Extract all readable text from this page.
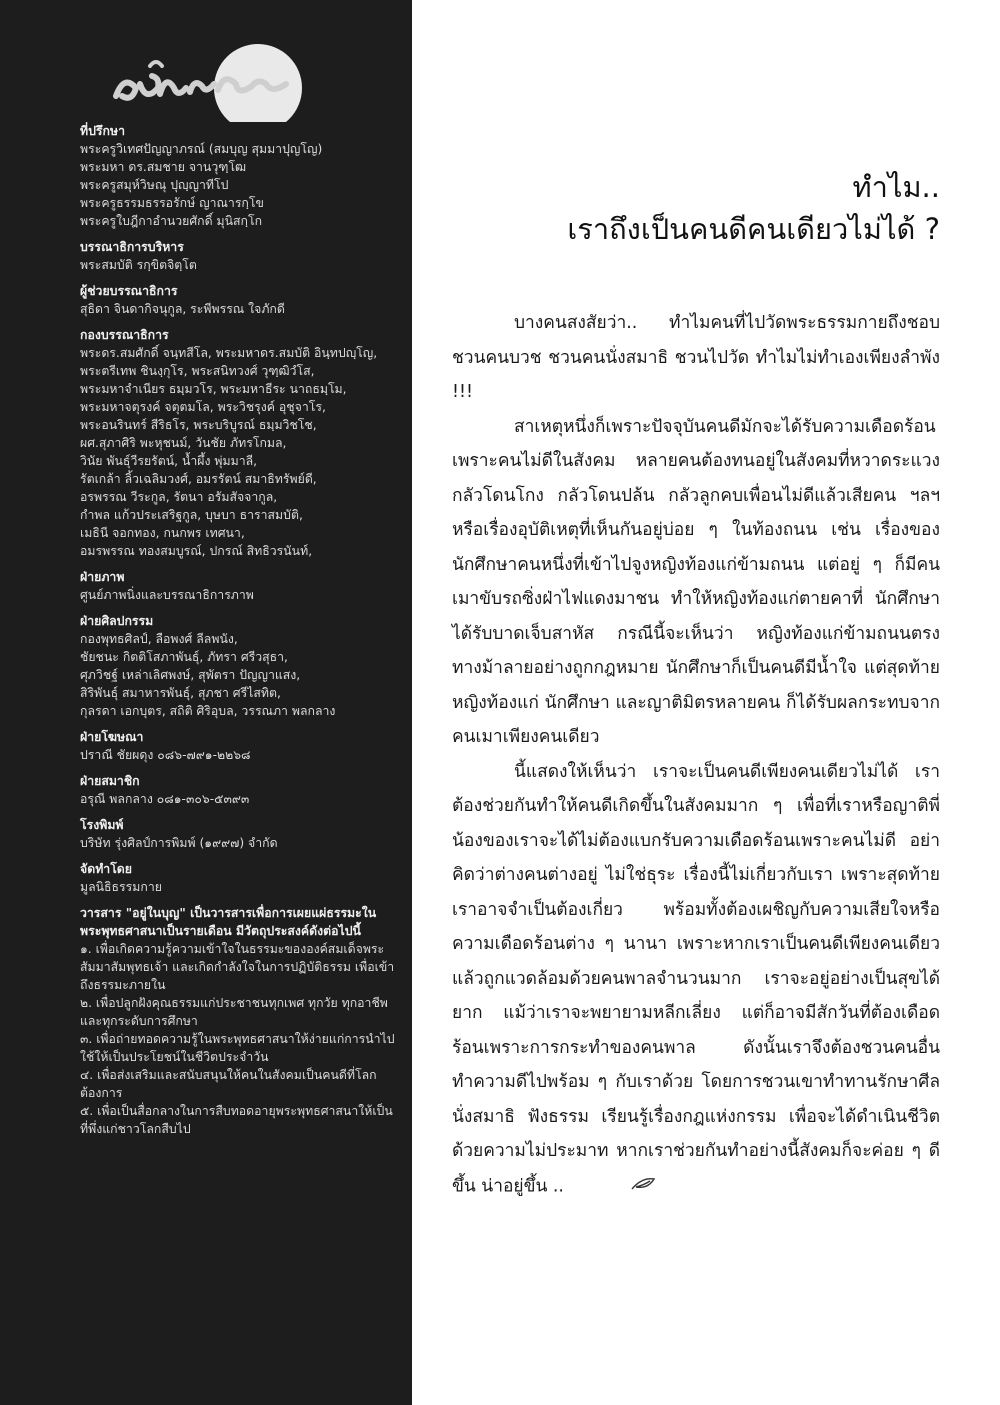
ที่ปรึกษา
พระครูวิเทศปัญญาภรณ์ (สมบุญ สุมมาปุญโญ)
พระมหา ดร.สมชาย จานวุฑฺโฒ
พระครูสมุห์วิษณุ ปุญฺญาทีโป
พระครูธรรมธรรอรักษ์ ญาณารกฺโข
พระครูใบฎีกาอำนวยศักดิ์ มุนิสกฺโก
บรรณาธิการบริหาร
พระสมบัติ รกฺขิตจิตฺโต
ผู้ช่วยบรรณาธิการ
สุธิดา จินดากิจนุกูล, ระพีพรรณ ใจภักดี
กองบรรณาธิการ
พระดร.สมศักดิ์ จนฺทสีโล, พระมหาดร.สมบัติ อินฺทปญฺโญ,
พระตรีเทพ ชินงฺกุโร, พระสนิทวงศ์ วุฑฺฒิวํโส,
พระมหาจำเนียร ธมฺมวโร, พระมหาธีระ นาถธมฺโม,
พระมหาจตุรงค์ จตุตมโล, พระวิชรุงค์ อุชุจาโร,
พระอนรินทร์ สีริธโร, พระบริบูรณ์ ธมฺมวิชโช,
ผศ.สุภาศิริ พะหุชนม์, วันชัย ภัทรโกมล,
วินัย พันธุ์วีรยรัตน์, น้ำผึ้ง พุ่มมาลี,
รัตเกล้า ลิ้วเฉลิมวงศ์, อมรรัตน์ สมาธิทรัพย์ดี,
อรพรรณ วีระกูล, รัตนา อรัมสัจจากูล,
กำพล แก้วประเสริฐกูล, บุษบา ธาราสมบัติ,
เมธินี จอกทอง, กนกพร เทศนา,
อมรพรรณ ทองสมบูรณ์, ปกรณ์ สิทธิวรนันท์,
ฝ่ายภาพ
ศูนย์ภาพนิ่งและบรรณาธิการภาพ
ฝ่ายศิลปกรรม
กองพุทธศิลป์, ลือพงศ์ ลีลพนัง,
ชัยชนะ กิตติโสภาพันธุ์, ภัทรา ศรีวสุธา,
ศุภวิชฐ์ เหล่าเลิศพงษ์, สุพัตรา ปัญญาแสง,
สิริพันธุ์ สมาหารพันธุ์, สุภชา ศรีไสทิต,
กุลรดา เอกบุตร, สถิติ ศิริอุบล, วรรณภา พลกลาง
ฝ่ายโฆษณา
ปราณี ชัยผดุง ๐๘๖-๗๙๑-๒๒๖๘
ฝ่ายสมาชิก
อรุณี พลกลาง ๐๘๑-๓๐๖-๕๓๙๓
โรงพิมพ์
บริษัท รุ่งศิลป์การพิมพ์ (๑๙๙๗) จำกัด
จัดทำโดย
มูลนิธิธรรมกาย
วารสาร "อยู่ในบุญ" เป็นวารสารเพื่อการเผยแผ่ธรรมะในพระพุทธศาสนาเป็นรายเดือน มีวัตถุประสงค์ดังต่อไปนี้
๑. เพื่อเกิดความรู้ความเข้าใจในธรรมะขององค์สมเด็จพระสัมมาสัมพุทธเจ้า และเกิดกำลังใจในการปฏิบัติธรรม เพื่อเข้าถึงธรรมะภายใน
๒. เพื่อปลูกฝังคุณธรรมแก่ประชาชนทุกเพศ ทุกวัย ทุกอาชีพและทุกระดับการศึกษา
๓. เพื่อถ่ายทอดความรู้ในพระพุทธศาสนาให้ง่ายแก่การนำไปใช้ให้เป็นประโยชน์ในชีวิตประจำวัน
๔. เพื่อส่งเสริมและสนับสนุนให้คนในสังคมเป็นคนดีที่โลกต้องการ
๕. เพื่อเป็นสื่อกลางในการสืบทอดอายุพระพุทธศาสนาให้เป็นที่พึ่งแก่ชาวโลกสืบไป
ทำไม..
เราถึงเป็นคนดีคนเดียวไม่ได้ ?

บางคนสงสัยว่า.. ทำไมคนที่ไปวัดพระธรรมกายถึงชอบชวนคนบวช ชวนคนนั่งสมาธิ ชวนไปวัด ทำไมไม่ทำเองเพียงลำพัง !!!

สาเหตุหนึ่งก็เพราะปัจจุบันคนดีมักจะได้รับความเดือดร้อนเพราะคนไม่ดีในสังคม หลายคนต้องทนอยู่ในสังคมที่หวาดระแวง กลัวโดนโกง กลัวโดนปล้น กลัวลูกคบเพื่อนไม่ดีแล้วเสียคน ฯลฯ หรือเรื่องอุบัติเหตุที่เห็นกันอยู่บ่อย ๆ ในท้องถนน เช่น เรื่องของนักศึกษาคนหนึ่งที่เข้าไปจูงหญิงท้องแก่ข้ามถนน แต่อยู่ ๆ ก็มีคนเมาขับรถซิ่งฝ่าไฟแดงมาชน ทำให้หญิงท้องแก่ตายคาที่ นักศึกษาได้รับบาดเจ็บสาหัส กรณีนี้จะเห็นว่า หญิงท้องแก่ข้ามถนนตรงทางม้าลายอย่างถูกกฎหมาย นักศึกษาก็เป็นคนดีมีน้ำใจ แต่สุดท้ายหญิงท้องแก่ นักศึกษา และญาติมิตรหลายคน ก็ได้รับผลกระทบจากคนเมาเพียงคนเดียว

นี้แสดงให้เห็นว่า เราจะเป็นคนดีเพียงคนเดียวไม่ได้ เราต้องช่วยกันทำให้คนดีเกิดขึ้นในสังคมมาก ๆ เพื่อที่เราหรือญาติพี่น้องของเราจะได้ไม่ต้องแบกรับความเดือดร้อนเพราะคนไม่ดี อย่าคิดว่าต่างคนต่างอยู่ ไม่ใช่ธุระ เรื่องนี้ไม่เกี่ยวกับเรา เพราะสุดท้ายเราอาจจำเป็นต้องเกี่ยว พร้อมทั้งต้องเผชิญกับความเสียใจหรือความเดือดร้อนต่าง ๆ นานา เพราะหากเราเป็นคนดีเพียงคนเดียว แล้วถูกแวดล้อมด้วยคนพาลจำนวนมาก เราจะอยู่อย่างเป็นสุขได้ยาก แม้ว่าเราจะพยายามหลีกเลี่ยง แต่ก็อาจมีสักวันที่ต้องเดือดร้อนเพราะการกระทำของคนพาล ดังนั้นเราจึงต้องชวนคนอื่นทำความดีไปพร้อม ๆ กับเราด้วย โดยการชวนเขาทำทานรักษาศีล นั่งสมาธิ ฟังธรรม เรียนรู้เรื่องกฎแห่งกรรม เพื่อจะได้ดำเนินชีวิตด้วยความไม่ประมาท หากเราช่วยกันทำอย่างนี้สังคมก็จะค่อย ๆ ดีขึ้น น่าอยู่ขึ้น ..
